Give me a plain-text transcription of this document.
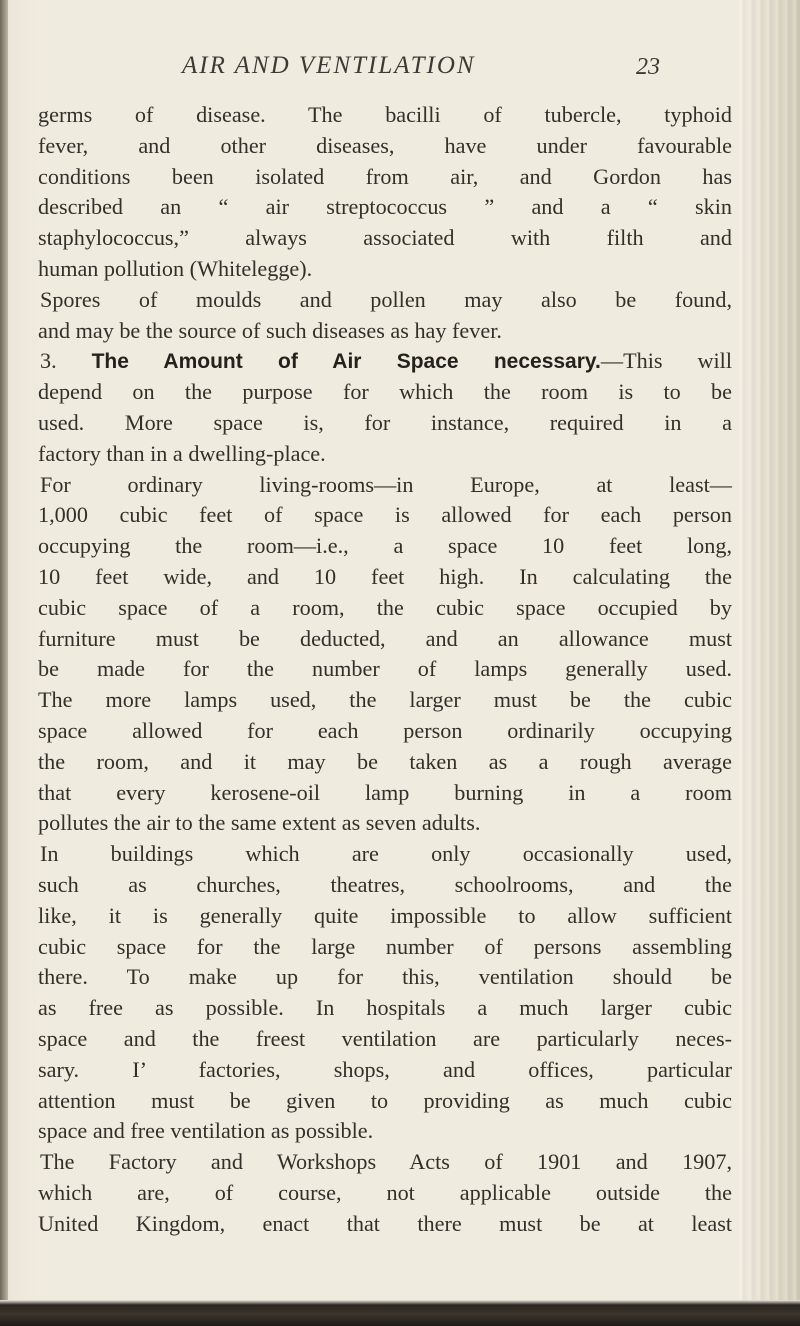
AIR AND VENTILATION	23
germs of disease. The bacilli of tubercle, typhoid
fever, and other diseases, have under favourable
conditions been isolated from air, and Gordon has
described an “ air streptococcus ” and a “ skin
staphylococcus,” always associated with filth and
human pollution (Whitelegge).
Spores of moulds and pollen may also be found,
and may be the source of such diseases as hay fever.
3. The Amount of Air Space necessary.—This will
depend on the purpose for which the room is to be
used. More space is, for instance, required in a
factory than in a dwelling-place.
For ordinary living-rooms—in Europe, at least—
1,000 cubic feet of space is allowed for each person
occupying the room—i.e., a space 10 feet long,
10 feet wide, and 10 feet high. In calculating the
cubic space of a room, the cubic space occupied by
furniture must be deducted, and an allowance must
be made for the number of lamps generally used.
The more lamps used, the larger must be the cubic
space allowed for each person ordinarily occupying
the room, and it may be taken as a rough average
that every kerosene-oil lamp burning in a room
pollutes the air to the same extent as seven adults.
In buildings which are only occasionally used,
such as churches, theatres, schoolrooms, and the
like, it is generally quite impossible to allow sufficient
cubic space for the large number of persons assembling
there. To make up for this, ventilation should be
as free as possible. In hospitals a much larger cubic
space and the freest ventilation are particularly neces-
sary. I’ factories, shops, and offices, particular
attention must be given to providing as much cubic
space and free ventilation as possible.
The Factory and Workshops Acts of 1901 and 1907,
which are, of course, not applicable outside the
United Kingdom, enact that there must be at least
